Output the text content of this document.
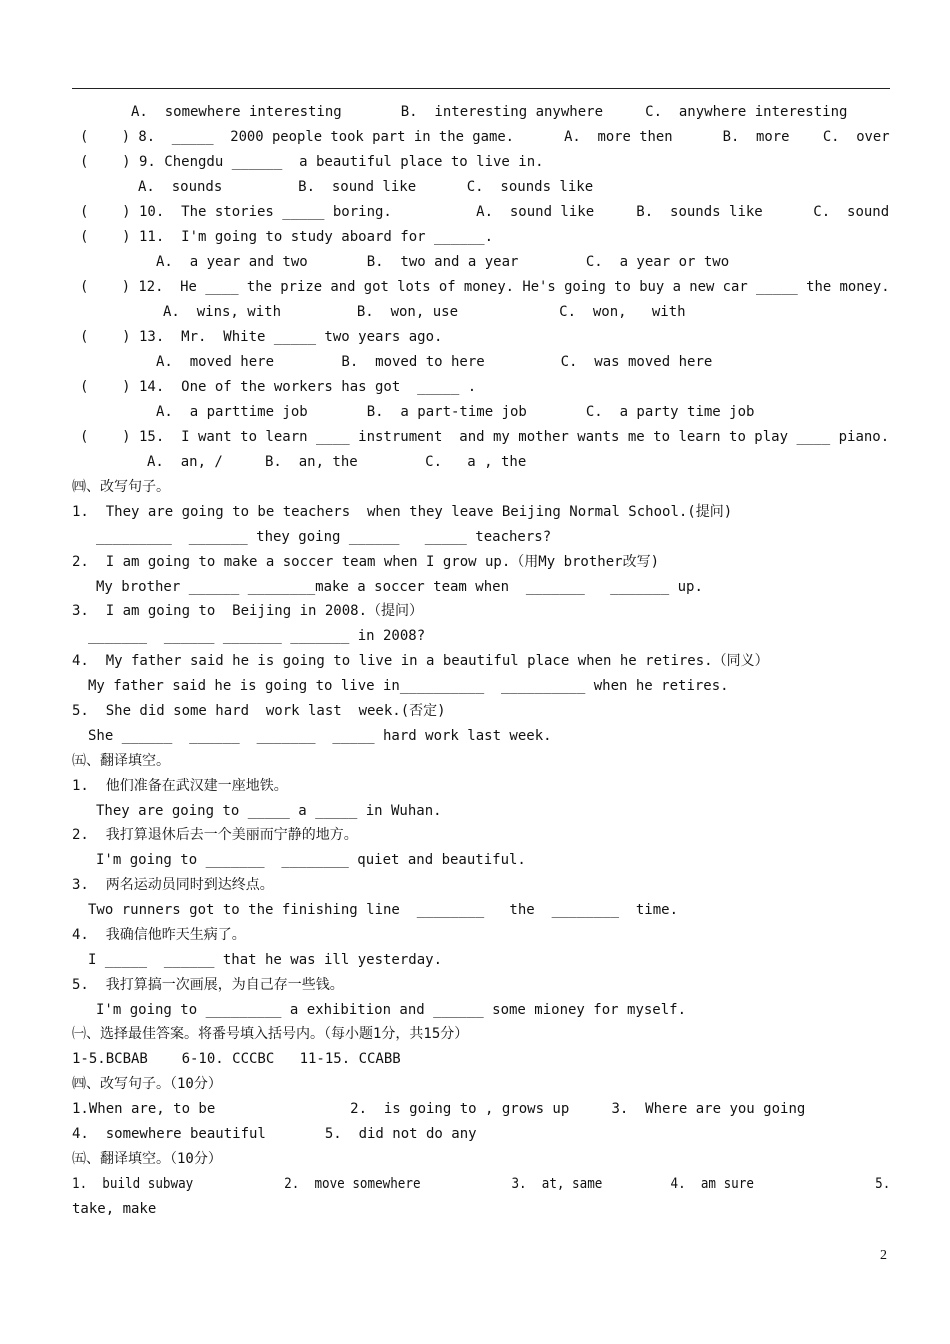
A.  somewhere interesting       B.  interesting anywhere     C.  anywhere interesting
(    ) 8.  _____  2000 people took part in the game.      A.  more then      B.  more    C.  over
(    ) 9. Chengdu ______  a beautiful place to live in.
A.  sounds         B.  sound like      C.  sounds like
(    ) 10.  The stories _____ boring.          A.  sound like     B.  sounds like      C.  sound
(    ) 11.  I'm going to study aboard for ______.
A.  a year and two       B.  two and a year        C.  a year or two
(    ) 12.  He ____ the prize and got lots of money. He's going to buy a new car _____ the money.
A.  wins, with         B.  won, use            C.  won,   with
(    ) 13.  Mr.  White _____ two years ago.
A.  moved here        B.  moved to here         C.  was moved here
(    ) 14.  One of the workers has got  _____ .
A.  a parttime job       B.  a part-time job       C.  a party time job
(    ) 15.  I want to learn ____ instrument  and my mother wants me to learn to play ____ piano.
A.  an, /     B.  an, the        C.   a , the
㈣、改写句子。
1.  They are going to be teachers  when they leave Beijing Normal School.(提问)
_________  _______ they going ______   _____ teachers?
2.  I am going to make a soccer team when I grow up.（用My brother改写)
My brother ______ ________make a soccer team when  _______   _______ up.
3.  I am going to  Beijing in 2008.（提问）
_______  ______ _______ _______ in 2008?
4.  My father said he is going to live in a beautiful place when he retires.（同义）
My father said he is going to live in__________  __________ when he retires.
5.  She did some hard  work last  week.(否定)
She ______  ______  _______  _____ hard work last week.
㈤、翻译填空。
1.  他们准备在武汉建一座地铁。
They are going to _____ a _____ in Wuhan.
2.  我打算退休后去一个美丽而宁静的地方。
I'm going to _______  ________ quiet and beautiful.
3.  两名运动员同时到达终点。
Two runners got to the finishing line  ________   the  ________  time.
4.  我确信他昨天生病了。
I _____  ______ that he was ill yesterday.
5.  我打算搞一次画展，为自己存一些钱。
I'm going to _________ a exhibition and ______ some mioney for myself.
㈠、选择最佳答案。将番号填入括号内。（每小题1分，共15分）
1-5.BCBAB    6-10. CCCBC   11-15. CCABB
㈣、改写句子。（10分）
1.When are, to be                2.  is going to , grows up     3.  Where are you going
4.  somewhere beautiful       5.  did not do any
㈤、翻译填空。（10分）
1.  build subway            2.  move somewhere            3.  at, same         4.  am sure                5.
take, make
2
